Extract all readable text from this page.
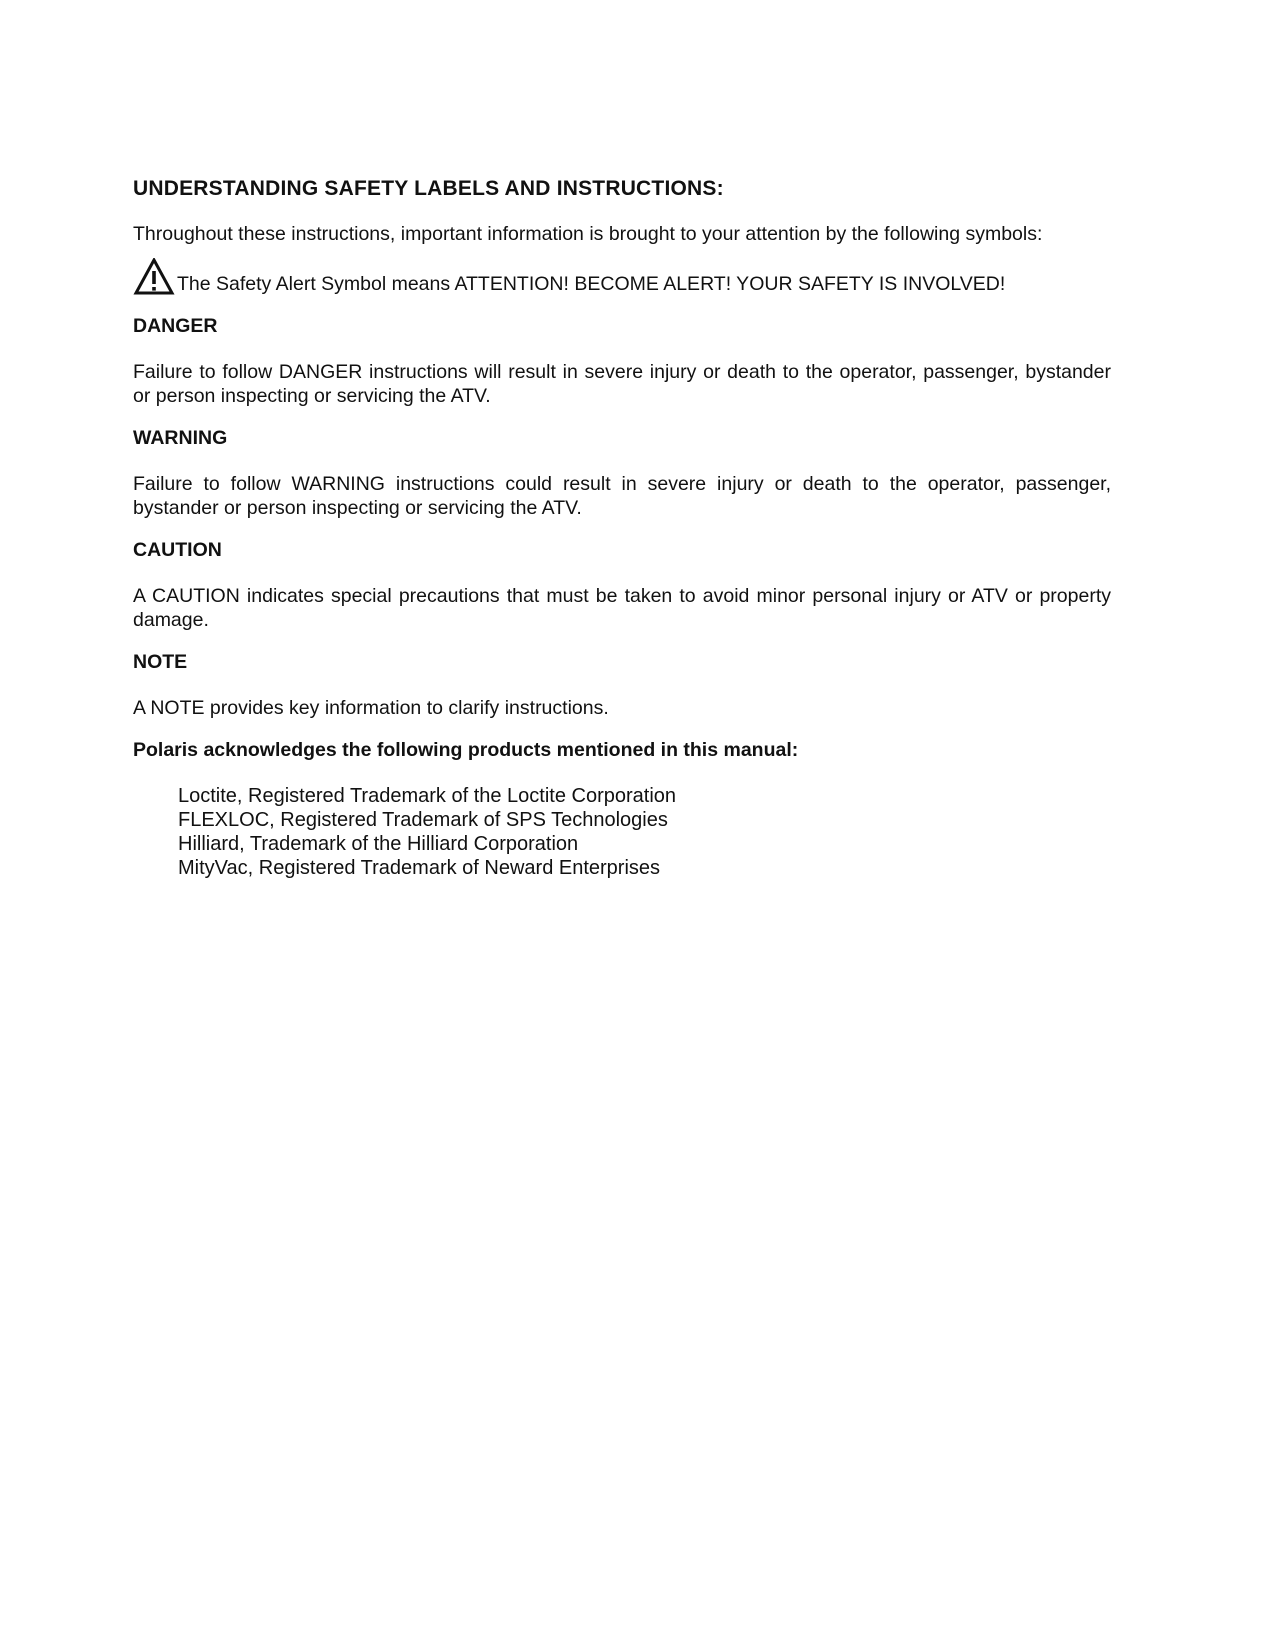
UNDERSTANDING SAFETY LABELS AND INSTRUCTIONS:

Throughout these instructions, important information is brought to your attention by the following symbols:

The Safety Alert Symbol means ATTENTION! BECOME ALERT! YOUR SAFETY IS INVOLVED!
DANGER

Failure to follow DANGER instructions will result in severe injury or death to the operator, passenger, bystander or person inspecting or servicing the ATV.

WARNING

Failure to follow WARNING instructions could result in severe injury or death to the operator, passenger, bystander or person inspecting or servicing the ATV.

CAUTION

A CAUTION indicates special precautions that must be taken to avoid minor personal injury or ATV or property damage.

NOTE

A NOTE provides key information to clarify instructions.

Polaris acknowledges the following products mentioned in this manual:
Loctite, Registered Trademark of the Loctite Corporation
FLEXLOC, Registered Trademark of SPS Technologies
Hilliard, Trademark of the Hilliard Corporation
MityVac, Registered Trademark of Neward Enterprises
